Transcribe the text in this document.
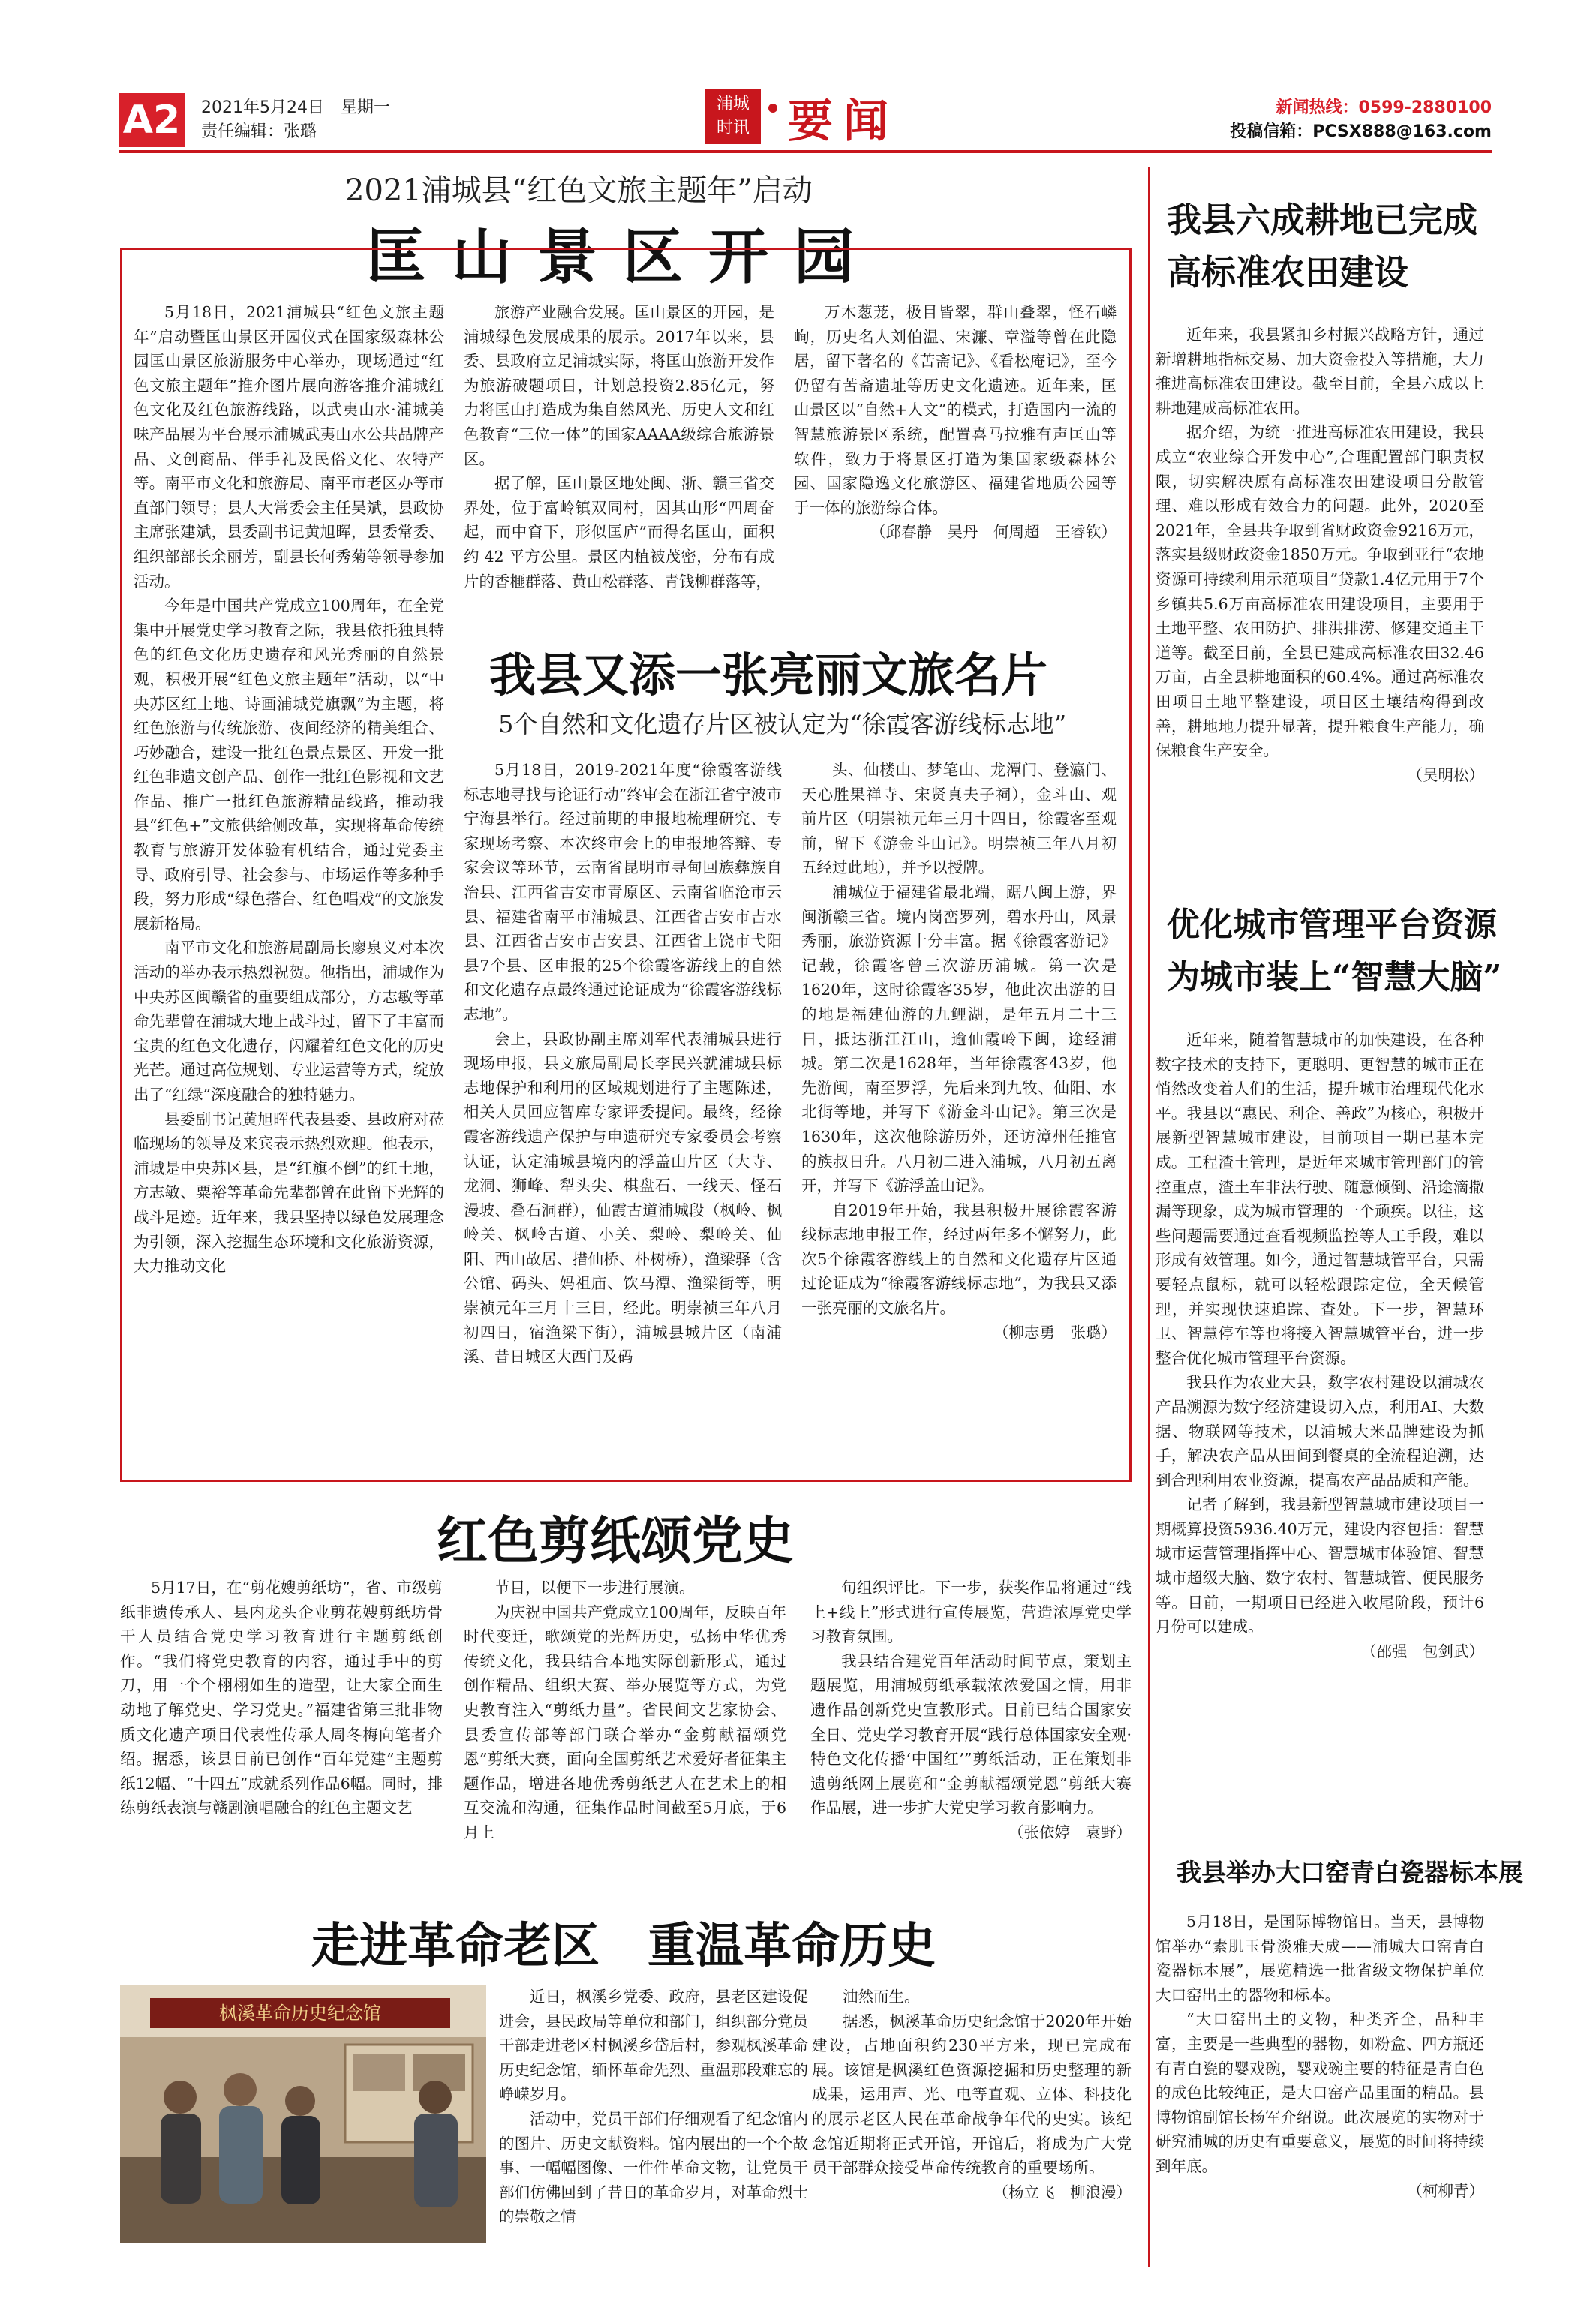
A2 2021年5月24日　星期一
责任编辑：张璐
浦城
时讯 要闻	新闻热线：0599-2880100
投稿信箱：PCSX888@163.com
2021浦城县“红色文旅主题年”启动
匡山景区开园

5月18日，2021浦城县“红色文旅主题年”启动暨匡山景区开园仪式在国家级森林公园匡山景区旅游服务中心举办，现场通过“红色文旅主题年”推介图片展向游客推介浦城红色文化及红色旅游线路，以武夷山水·浦城美味产品展为平台展示浦城武夷山水公共品牌产品、文创商品、伴手礼及民俗文化、农特产等。南平市文化和旅游局、南平市老区办等市直部门领导；县人大常委会主任吴斌，县政协主席张建斌，县委副书记黄旭晖，县委常委、组织部部长余丽芳，副县长何秀菊等领导参加活动。

今年是中国共产党成立100周年，在全党集中开展党史学习教育之际，我县依托独具特色的红色文化历史遗存和风光秀丽的自然景观，积极开展“红色文旅主题年”活动，以“中央苏区红土地、诗画浦城党旗飘”为主题，将红色旅游与传统旅游、夜间经济的精美组合、巧妙融合，建设一批红色景点景区、开发一批红色非遗文创产品、创作一批红色影视和文艺作品、推广一批红色旅游精品线路，推动我县“红色+”文旅供给侧改革，实现将革命传统教育与旅游开发体验有机结合，通过党委主导、政府引导、社会参与、市场运作等多种手段，努力形成“绿色搭台、红色唱戏”的文旅发展新格局。

南平市文化和旅游局副局长廖泉义对本次活动的举办表示热烈祝贺。他指出，浦城作为中央苏区闽赣省的重要组成部分，方志敏等革命先辈曾在浦城大地上战斗过，留下了丰富而宝贵的红色文化遗存，闪耀着红色文化的历史光芒。通过高位规划、专业运营等方式，绽放出了“红绿”深度融合的独特魅力。

县委副书记黄旭晖代表县委、县政府对莅临现场的领导及来宾表示热烈欢迎。他表示，浦城是中央苏区县，是“红旗不倒”的红土地，方志敏、粟裕等革命先辈都曾在此留下光辉的战斗足迹。近年来，我县坚持以绿色发展理念为引领，深入挖掘生态环境和文化旅游资源，大力推动文化

旅游产业融合发展。匡山景区的开园，是浦城绿色发展成果的展示。2017年以来，县委、县政府立足浦城实际，将匡山旅游开发作为旅游破题项目，计划总投资2.85亿元，努力将匡山打造成为集自然风光、历史人文和红色教育“三位一体”的国家AAAA级综合旅游景区。

据了解，匡山景区地处闽、浙、赣三省交界处，位于富岭镇双同村，因其山形“四周奋起，而中窅下，形似匡庐”而得名匡山，面积约 42 平方公里。景区内植被茂密，分布有成片的香榧群落、黄山松群落、青钱柳群落等，

万木葱茏，极目皆翠，群山叠翠，怪石嶙峋，历史名人刘伯温、宋濂、章溢等曾在此隐居，留下著名的《苦斋记》、《看松庵记》，至今仍留有苦斋遗址等历史文化遗迹。近年来，匡山景区以“自然+人文”的模式，打造国内一流的智慧旅游景区系统，配置喜马拉雅有声匡山等软件，致力于将景区打造为集国家级森林公园、国家隐逸文化旅游区、福建省地质公园等于一体的旅游综合体。

（邱春静　吴丹　何周超　王睿钦）

我县又添一张亮丽文旅名片
5个自然和文化遗存片区被认定为“徐霞客游线标志地”

5月18日，2019-2021年度“徐霞客游线标志地寻找与论证行动”终审会在浙江省宁波市宁海县举行。经过前期的申报地梳理研究、专家现场考察、本次终审会上的申报地答辩、专家会议等环节，云南省昆明市寻甸回族彝族自治县、江西省吉安市青原区、云南省临沧市云县、福建省南平市浦城县、江西省吉安市吉水县、江西省吉安市吉安县、江西省上饶市弋阳县7个县、区申报的25个徐霞客游线上的自然和文化遗存点最终通过论证成为“徐霞客游线标志地”。

会上，县政协副主席刘军代表浦城县进行现场申报，县文旅局副局长李民兴就浦城县标志地保护和利用的区域规划进行了主题陈述，相关人员回应智库专家评委提问。最终，经徐霞客游线遗产保护与申遗研究专家委员会考察认证，认定浦城县境内的浮盖山片区（大寺、龙洞、狮峰、犁头尖、棋盘石、一线天、怪石漫坡、叠石洞群），仙霞古道浦城段（枫岭、枫岭关、枫岭古道、小关、梨岭、梨岭关、仙阳、西山故居、措仙桥、朴树桥），渔梁驿（含公馆、码头、妈祖庙、饮马潭、渔梁街等，明崇祯元年三月十三日，经此。明崇祯三年八月初四日，宿渔梁下街），浦城县城片区（南浦溪、昔日城区大西门及码

头、仙楼山、梦笔山、龙潭门、登瀛门、天心胜果禅寺、宋贤真夫子祠），金斗山、观前片区（明崇祯元年三月十四日，徐霞客至观前，留下《游金斗山记》。明崇祯三年八月初五经过此地），并予以授牌。

浦城位于福建省最北端，踞八闽上游，界闽浙赣三省。境内岗峦罗列，碧水丹山，风景秀丽，旅游资源十分丰富。据《徐霞客游记》记载，徐霞客曾三次游历浦城。第一次是1620年，这时徐霞客35岁，他此次出游的目的地是福建仙游的九鲤湖，是年五月二十三日，抵达浙江江山，逾仙霞岭下闽，途经浦城。第二次是1628年，当年徐霞客43岁，他先游闽，南至罗浮，先后来到九牧、仙阳、水北街等地，并写下《游金斗山记》。第三次是1630年，这次他除游历外，还访漳州任推官的族叔日升。八月初二进入浦城，八月初五离开，并写下《游浮盖山记》。

自2019年开始，我县积极开展徐霞客游线标志地申报工作，经过两年多不懈努力，此次5个徐霞客游线上的自然和文化遗存片区通过论证成为“徐霞客游线标志地”，为我县又添一张亮丽的文旅名片。

（柳志勇　张璐）

我县六成耕地已完成
高标准农田建设

近年来，我县紧扣乡村振兴战略方针，通过新增耕地指标交易、加大资金投入等措施，大力推进高标准农田建设。截至目前，全县六成以上耕地建成高标准农田。

据介绍，为统一推进高标准农田建设，我县成立“农业综合开发中心”,合理配置部门职责权限，切实解决原有高标准农田建设项目分散管理、难以形成有效合力的问题。此外，2020至2021年，全县共争取到省财政资金9216万元，落实县级财政资金1850万元。争取到亚行“农地资源可持续利用示范项目”贷款1.4亿元用于7个乡镇共5.6万亩高标准农田建设项目，主要用于土地平整、农田防护、排洪排涝、修建交通主干道等。截至目前，全县已建成高标准农田32.46万亩，占全县耕地面积的60.4%。通过高标准农田项目土地平整建设，项目区土壤结构得到改善，耕地地力提升显著，提升粮食生产能力，确保粮食生产安全。

（吴明松）

优化城市管理平台资源
为城市装上“智慧大脑”

近年来，随着智慧城市的加快建设，在各种数字技术的支持下，更聪明、更智慧的城市正在悄然改变着人们的生活，提升城市治理现代化水平。我县以“惠民、利企、善政”为核心，积极开展新型智慧城市建设，目前项目一期已基本完成。工程渣土管理，是近年来城市管理部门的管控重点，渣土车非法行驶、随意倾倒、沿途滴撒漏等现象，成为城市管理的一个顽疾。以往，这些问题需要通过查看视频监控等人工手段，难以形成有效管理。如今，通过智慧城管平台，只需要轻点鼠标，就可以轻松跟踪定位，全天候管理，并实现快速追踪、查处。下一步，智慧环卫、智慧停车等也将接入智慧城管平台，进一步整合优化城市管理平台资源。

我县作为农业大县，数字农村建设以浦城农产品溯源为数字经济建设切入点，利用AI、大数据、物联网等技术，以浦城大米品牌建设为抓手，解决农产品从田间到餐桌的全流程追溯，达到合理利用农业资源，提高农产品品质和产能。

记者了解到，我县新型智慧城市建设项目一期概算投资5936.40万元，建设内容包括：智慧城市运营管理指挥中心、智慧城市体验馆、智慧城市超级大脑、数字农村、智慧城管、便民服务等。目前，一期项目已经进入收尾阶段，预计6月份可以建成。

（邵强　包剑武）

我县举办大口窑青白瓷器标本展

5月18日，是国际博物馆日。当天，县博物馆举办“素肌玉骨淡雅天成——浦城大口窑青白瓷器标本展”，展览精选一批省级文物保护单位大口窑出土的器物和标本。

“大口窑出土的文物，种类齐全，品种丰富，主要是一些典型的器物，如粉盒、四方瓶还有青白瓷的婴戏碗，婴戏碗主要的特征是青白色的成色比较纯正，是大口窑产品里面的精品。县博物馆副馆长杨军介绍说。此次展览的实物对于研究浦城的历史有重要意义，展览的时间将持续到年底。

（柯柳青）

红色剪纸颂党史

5月17日，在“剪花嫂剪纸坊”，省、市级剪纸非遗传承人、县内龙头企业剪花嫂剪纸坊骨干人员结合党史学习教育进行主题剪纸创作。“我们将党史教育的内容，通过手中的剪刀，用一个个栩栩如生的造型，让大家全面生动地了解党史、学习党史。”福建省第三批非物质文化遗产项目代表性传承人周冬梅向笔者介绍。据悉，该县目前已创作“百年党建”主题剪纸12幅、“十四五”成就系列作品6幅。同时，排练剪纸表演与赣剧演唱融合的红色主题文艺

节目，以便下一步进行展演。

为庆祝中国共产党成立100周年，反映百年时代变迁，歌颂党的光辉历史，弘扬中华优秀传统文化，我县结合本地实际创新形式，通过创作精品、组织大赛、举办展览等方式，为党史教育注入“剪纸力量”。省民间文艺家协会、县委宣传部等部门联合举办“金剪献福颂党恩”剪纸大赛，面向全国剪纸艺术爱好者征集主题作品，增进各地优秀剪纸艺人在艺术上的相互交流和沟通，征集作品时间截至5月底，于6月上

旬组织评比。下一步，获奖作品将通过“线上+线上”形式进行宣传展览，营造浓厚党史学习教育氛围。

我县结合建党百年活动时间节点，策划主题展览，用浦城剪纸承载浓浓爱国之情，用非遗作品创新党史宣教形式。目前已结合国家安全日、党史学习教育开展“践行总体国家安全观·特色文化传播‘中国红’”剪纸活动，正在策划非遗剪纸网上展览和“金剪献福颂党恩”剪纸大赛作品展，进一步扩大党史学习教育影响力。

（张依婷　袁野）

走进革命老区　重温革命历史
枫溪革命历史纪念馆

近日，枫溪乡党委、政府，县老区建设促进会，县民政局等单位和部门，组织部分党员干部走进老区村枫溪乡岱后村，参观枫溪革命历史纪念馆，缅怀革命先烈、重温那段难忘的峥嵘岁月。

活动中，党员干部们仔细观看了纪念馆内的图片、历史文献资料。馆内展出的一个个故事、一幅幅图像、一件件革命文物，让党员干部们仿佛回到了昔日的革命岁月，对革命烈士的崇敬之情

油然而生。

据悉，枫溪革命历史纪念馆于2020年开始建设，占地面积约230平方米，现已完成布展。该馆是枫溪红色资源挖掘和历史整理的新成果，运用声、光、电等直观、立体、科技化的展示老区人民在革命战争年代的史实。该纪念馆近期将正式开馆，开馆后，将成为广大党员干部群众接受革命传统教育的重要场所。

（杨立飞　柳浪漫）
